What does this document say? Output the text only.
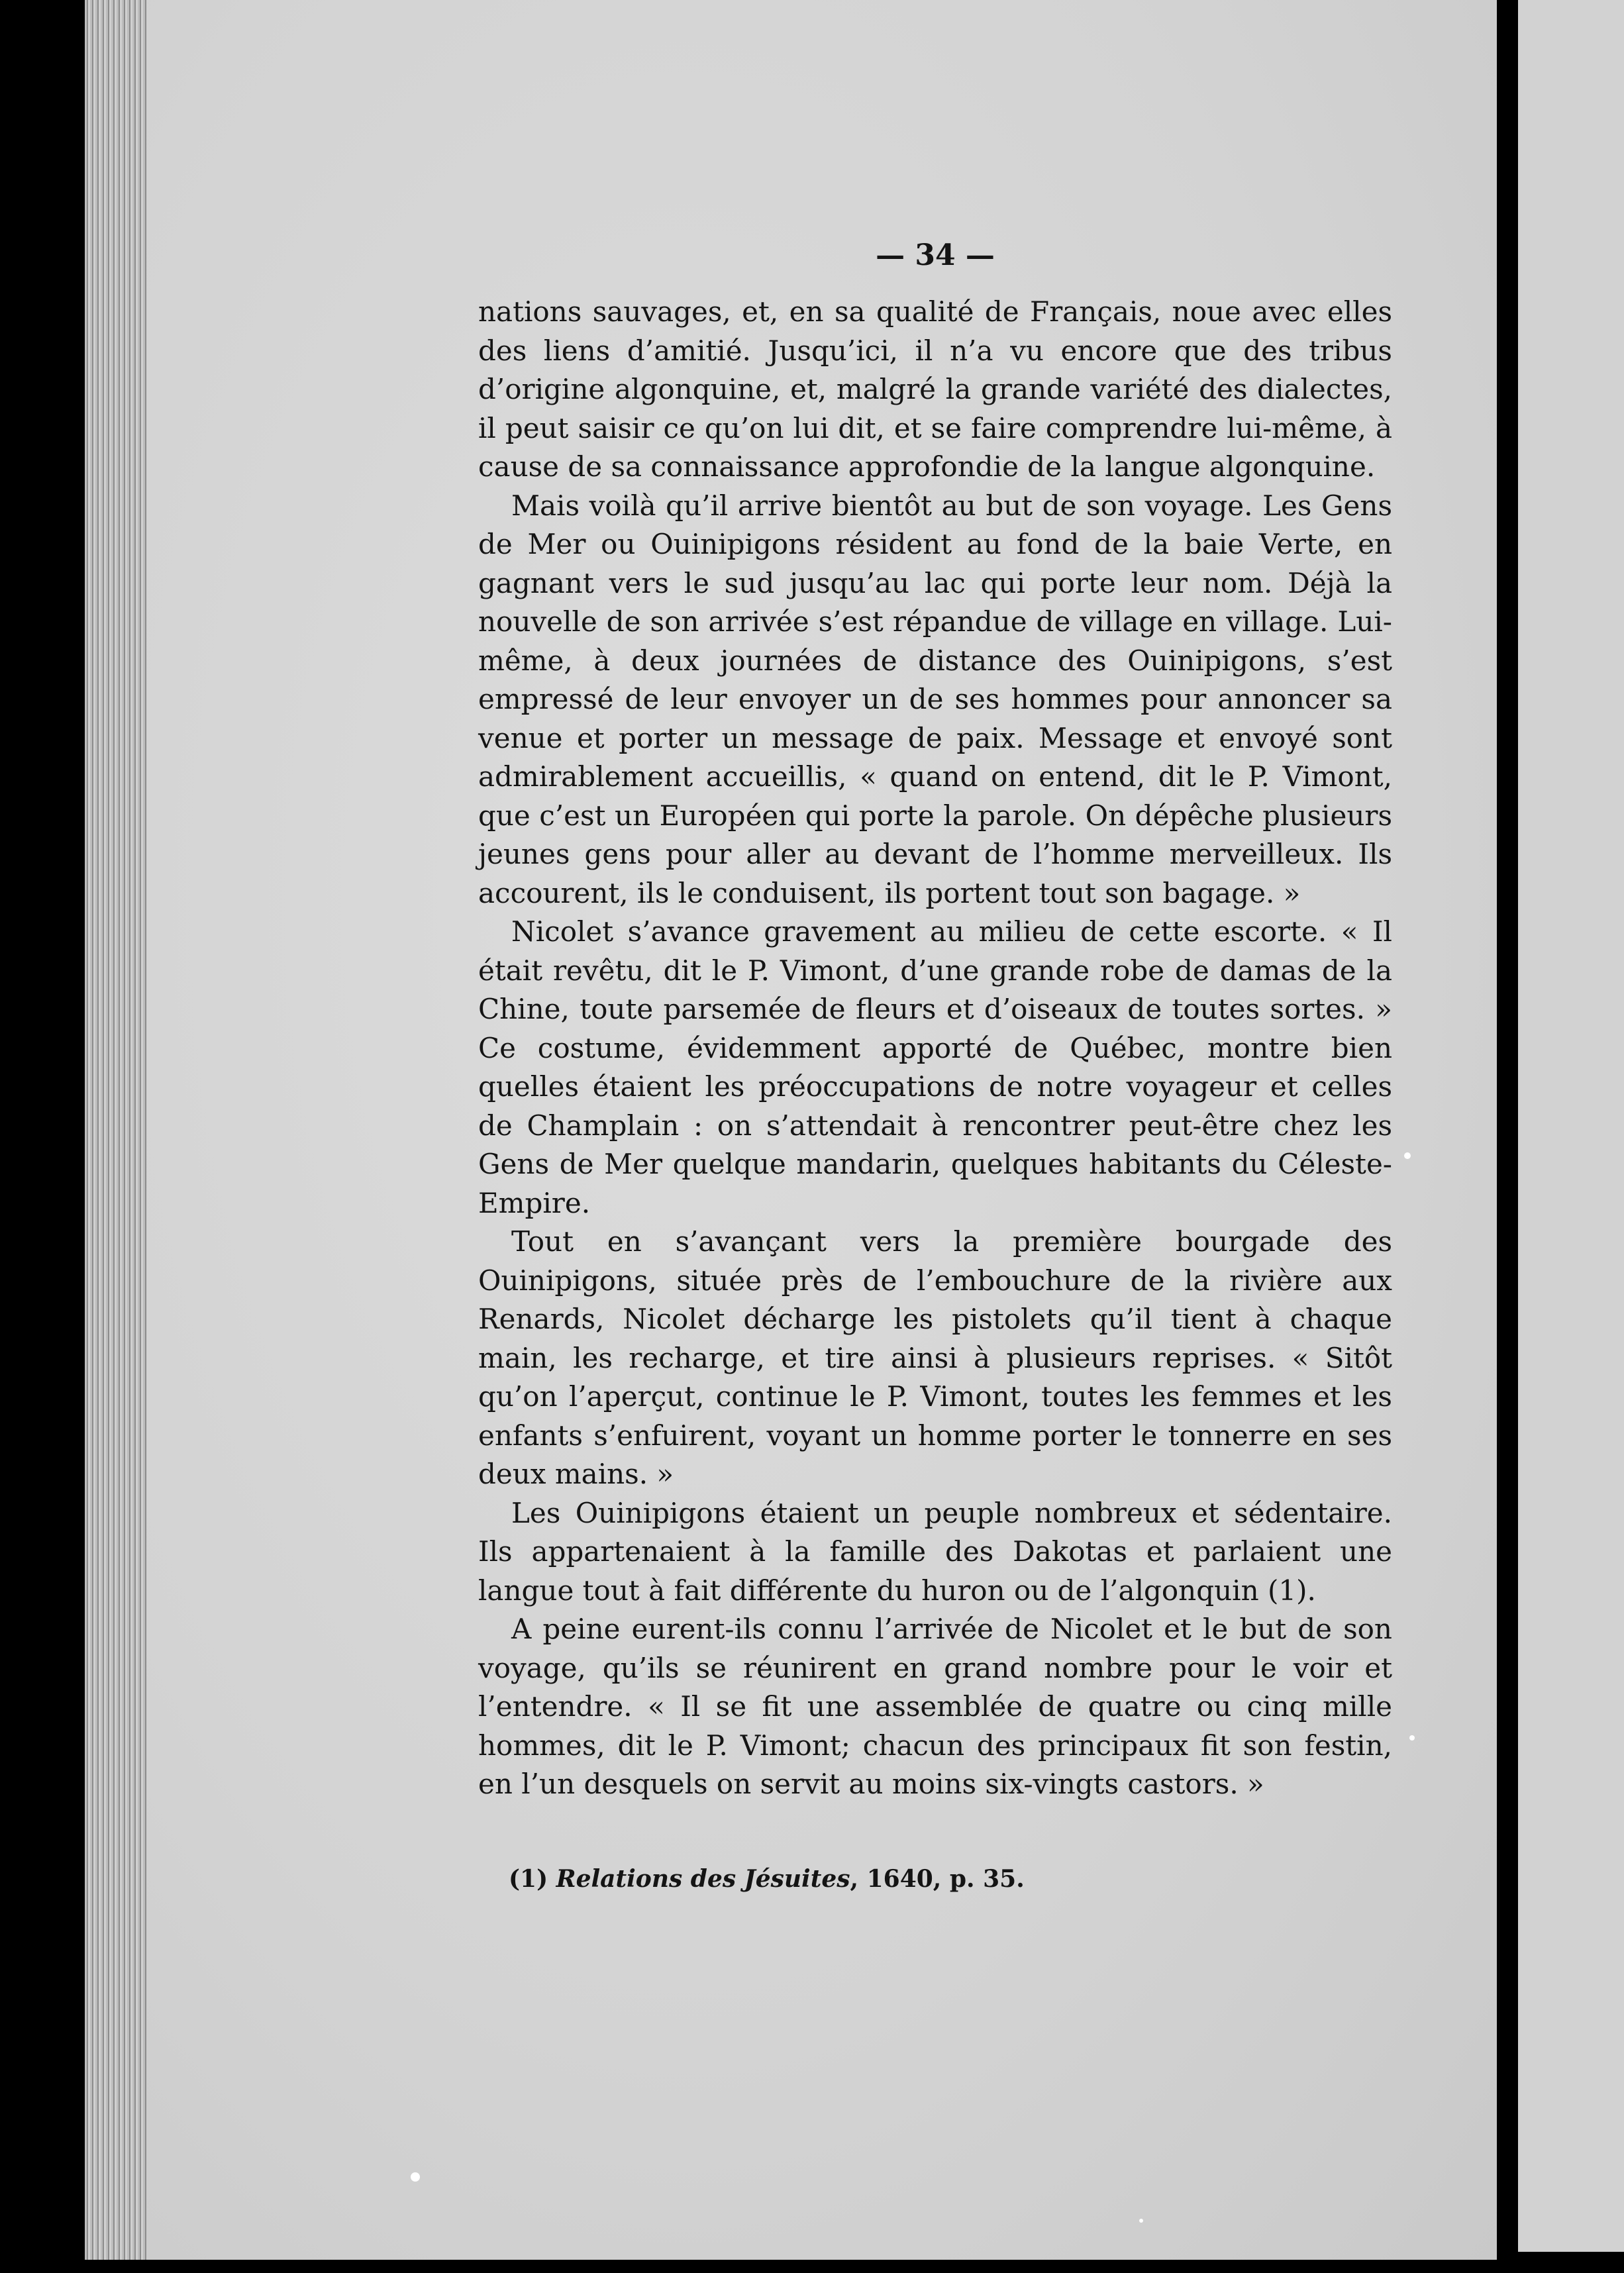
— 34 —

nations sauvages, et, en sa qualité de Français, noue avec elles des liens d’amitié. Jusqu’ici, il n’a vu encore que des tribus d’origine algonquine, et, malgré la grande variété des dialectes, il peut saisir ce qu’on lui dit, et se faire comprendre lui-même, à cause de sa connaissance approfondie de la langue algonquine.

Mais voilà qu’il arrive bientôt au but de son voyage. Les Gens de Mer ou Ouinipigons résident au fond de la baie Verte, en gagnant vers le sud jusqu’au lac qui porte leur nom. Déjà la nouvelle de son arrivée s’est répandue de village en village. Lui-même, à deux journées de distance des Ouinipigons, s’est empressé de leur envoyer un de ses hommes pour annoncer sa venue et porter un message de paix. Message et envoyé sont admirablement accueillis, « quand on entend, dit le P. Vimont, que c’est un Européen qui porte la parole. On dépêche plusieurs jeunes gens pour aller au devant de l’homme merveilleux. Ils accourent, ils le conduisent, ils portent tout son bagage. »

Nicolet s’avance gravement au milieu de cette escorte. « Il était revêtu, dit le P. Vimont, d’une grande robe de damas de la Chine, toute parsemée de fleurs et d’oiseaux de toutes sortes. » Ce costume, évidemment apporté de Québec, montre bien quelles étaient les préoccupations de notre voyageur et celles de Champlain : on s’attendait à rencontrer peut-être chez les Gens de Mer quelque mandarin, quelques habitants du Céleste-Empire.

Tout en s’avançant vers la première bourgade des Ouinipigons, située près de l’embouchure de la rivière aux Renards, Nicolet décharge les pistolets qu’il tient à chaque main, les recharge, et tire ainsi à plusieurs reprises. « Sitôt qu’on l’aperçut, continue le P. Vimont, toutes les femmes et les enfants s’enfuirent, voyant un homme porter le tonnerre en ses deux mains. »

Les Ouinipigons étaient un peuple nombreux et sédentaire. Ils appartenaient à la famille des Dakotas et parlaient une langue tout à fait différente du huron ou de l’algonquin (1).

A peine eurent-ils connu l’arrivée de Nicolet et le but de son voyage, qu’ils se réunirent en grand nombre pour le voir et l’entendre. « Il se fit une assemblée de quatre ou cinq mille hommes, dit le P. Vimont; chacun des principaux fit son festin, en l’un desquels on servit au moins six-vingts castors. »

(1) Relations des Jésuites, 1640, p. 35.
